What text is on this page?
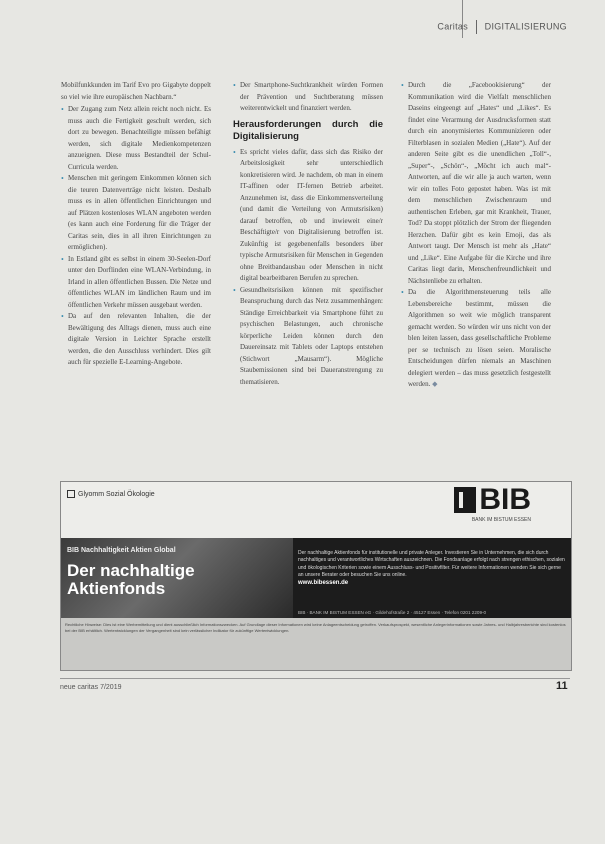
Caritas DIGITALISIERUNG

Mobilfunkkunden im Tarif Evo pro Gigabyte doppelt so viel wie ihre europäischen Nachbarn.“

• Der Zugang zum Netz allein reicht noch nicht. Es muss auch die Fertigkeit geschult werden, sich dort zu bewegen. Benachteiligte müssen befähigt werden, sich digitale Medienkompetenzen anzueignen. Diese muss Bestandteil der Schul-Curricula werden.
• Menschen mit geringem Einkommen können sich die teuren Datenverträge nicht leisten. Deshalb muss es in allen öffentlichen Einrichtungen und auf Plätzen kostenloses WLAN angeboten werden (es kann auch eine Forderung für die Träger der Caritas sein, dies in all ihren Einrichtungen zu ermöglichen).
• In Estland gibt es selbst in einem 30-Seelen-Dorf unter den Dorflinden eine WLAN-Verbindung, in Irland in allen öffentlichen Bussen. Die Netze und öffentliches WLAN im ländlichen Raum und im öffentlichen Verkehr müssen ausgebaut werden.
• Da auf den relevanten Inhalten, die der Bewältigung des Alltags dienen, muss auch eine digitale Version in Leichter Sprache erstellt werden, die den Ausschluss verhindert. Dies gilt auch für spezielle E-Learning-Angebote.
• Der Smartphone-Suchtkrankheit würden Formen der Prävention und Suchtberatung müssen weiterentwickelt und finanziert werden.
Herausforderungen durch die Digitalisierung
• Es spricht vieles dafür, dass sich das Risiko der Arbeitslosigkeit sehr unterschiedlich konkretisieren wird. Je nachdem, ob man in einem IT-affinen oder IT-fernen Betrieb arbeitet. Anzunehmen ist, dass die Einkommensverteilung (und damit die Verteilung von Armutsrisiken) darauf betroffen, ob und inwieweit eine/r Beschäftigte/r von Digitalisierung betroffen ist. Zukünftig ist gegebenenfalls besonders über typische Armutsrisiken für Menschen in Gegenden ohne Breitbandausbau oder Menschen in nicht digital bearbeitbaren Berufen zu sprechen.
• Gesundheitsrisiken können mit spezifischer Beanspruchung durch das Netz zusammenhängen: Ständige Erreichbarkeit via Smartphone führt zu psychischen Belastungen, auch chronische körperliche Leiden können durch den Dauereinsatz mit Tablets oder Laptops entstehen (Stichwort „Mausarm“). Mögliche Staubemissionen sind bei Daueranstrengung zu thematisieren.
• Durch die „Facebookisierung“ der Kommunikation wird die Vielfalt menschlichen Daseins eingeengt auf „Hates“ und „Likes“. Es findet eine Verarmung der Ausdrucksformen statt durch ein anonymisiertes Kommunizieren oder Filterblasen in sozialen Medien („Hate“). Auf der anderen Seite gibt es die unendlichen „Toll“-, „Super“-, „Schön“-, „Möcht ich auch mal“-Antworten, auf die wir alle ja auch warten, wenn wir ein tolles Foto gepostet haben. Was ist mit dem menschlichen Zwischenraum und authentischen Erleben, gar mit Krankheit, Trauer, Tod? Da stoppt plötzlich der Strom der fliegenden Herzchen. Dafür gibt es kein Emoji, das als Antwort taugt. Der Mensch ist mehr als „Hate“ und „Like“. Eine Aufgabe für die Kirche und ihre Caritas liegt darin, Menschenfreundlichkeit und Nächstenliebe zu erhalten.
• Da die Algorithmensteuerung teils alle Lebensbereiche bestimmt, müssen die Algorithmen so weit wie möglich transparent gemacht werden. So würden wir uns nicht von der blen leiten lassen, dass gesellschaftliche Probleme per se technisch zu lösen seien. Moralische Entscheidungen dürfen niemals an Maschinen delegiert werden – das muss gesetzlich festgestellt werden. ◆
Glyomm Sozial Ökologie	BIB
BANK IM BISTUM ESSEN
BIB Nachhaltigkeit Aktien Global
Der nachhaltige
Aktienfonds
Der nachhaltige Aktienfonds für institutionelle und private Anleger. Investieren Sie in Unternehmen, die sich durch nachhaltiges und verantwortliches Wirtschaften auszeichnen. Die Fondsanlage erfolgt nach strengen ethischen, sozialen und ökologischen Kriterien sowie einem Ausschluss- und Positivfilter. Für weitere Informationen wenden Sie sich gerne an unsere Berater oder besuchen Sie uns online.
www.bibessen.de
BIB · BANK IM BISTUM ESSEN eG · Gildehofstraße 2 · 45127 Essen · Telefon 0201 2209-0
Rechtliche Hinweise: Dies ist eine Werbemitteilung und dient ausschließlich Informationszwecken. Auf Grundlage dieser Informationen wird keine Anlageentscheidung getroffen. Verkaufsprospekt, wesentliche Anlegerinformationen sowie Jahres- und Halbjahresberichte sind kostenlos bei der BIB erhältlich. Wertentwicklungen der Vergangenheit sind kein verlässlicher Indikator für zukünftige Wertentwicklungen.
neue caritas 7/2019	11
